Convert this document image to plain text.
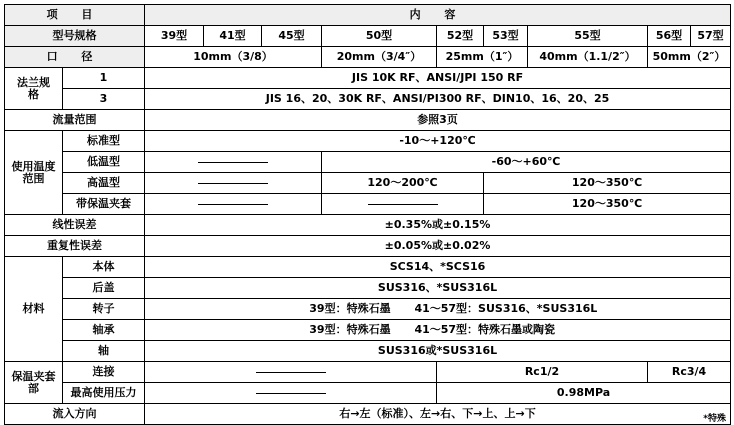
项 目		内 容								
型号规格		39型	41型	45型	50型	52型	53型	55型	56型	57型
口 径		10mm（3/8）			20mm（3/4″）	25mm（1″）		40mm（1.1/2″）	50mm（2″）	
法兰规格	1	JIS 10K RF、ANSI/JPI 150 RF								
	3	JIS 16、20、30K RF、ANSI/PI300 RF、DIN10、16、20、25								
流量范围		参照3页								
使用温度范围	标准型	-10～+120℃								
	低温型				-60～+60℃					
	高温型				120～200℃		120～350℃			
	带保温夹套						120～350℃			
线性误差		±0.35%或±0.15%								
重复性误差		±0.05%或±0.02%								
材料	本体	SCS14、*SCS16								
	后盖	SUS316、*SUS316L								
	转子	39型：特殊石墨 41～57型：SUS316、*SUS316L								
	轴承	39型：特殊石墨 41～57型：特殊石墨或陶瓷								
	轴	SUS316或*SUS316L								
保温夹套部	连接					Rc1/2			Rc3/4	
	最高使用压力					0.98MPa				
流入方向		右→左（标准）、左→右、下→上、上→下									*特殊
